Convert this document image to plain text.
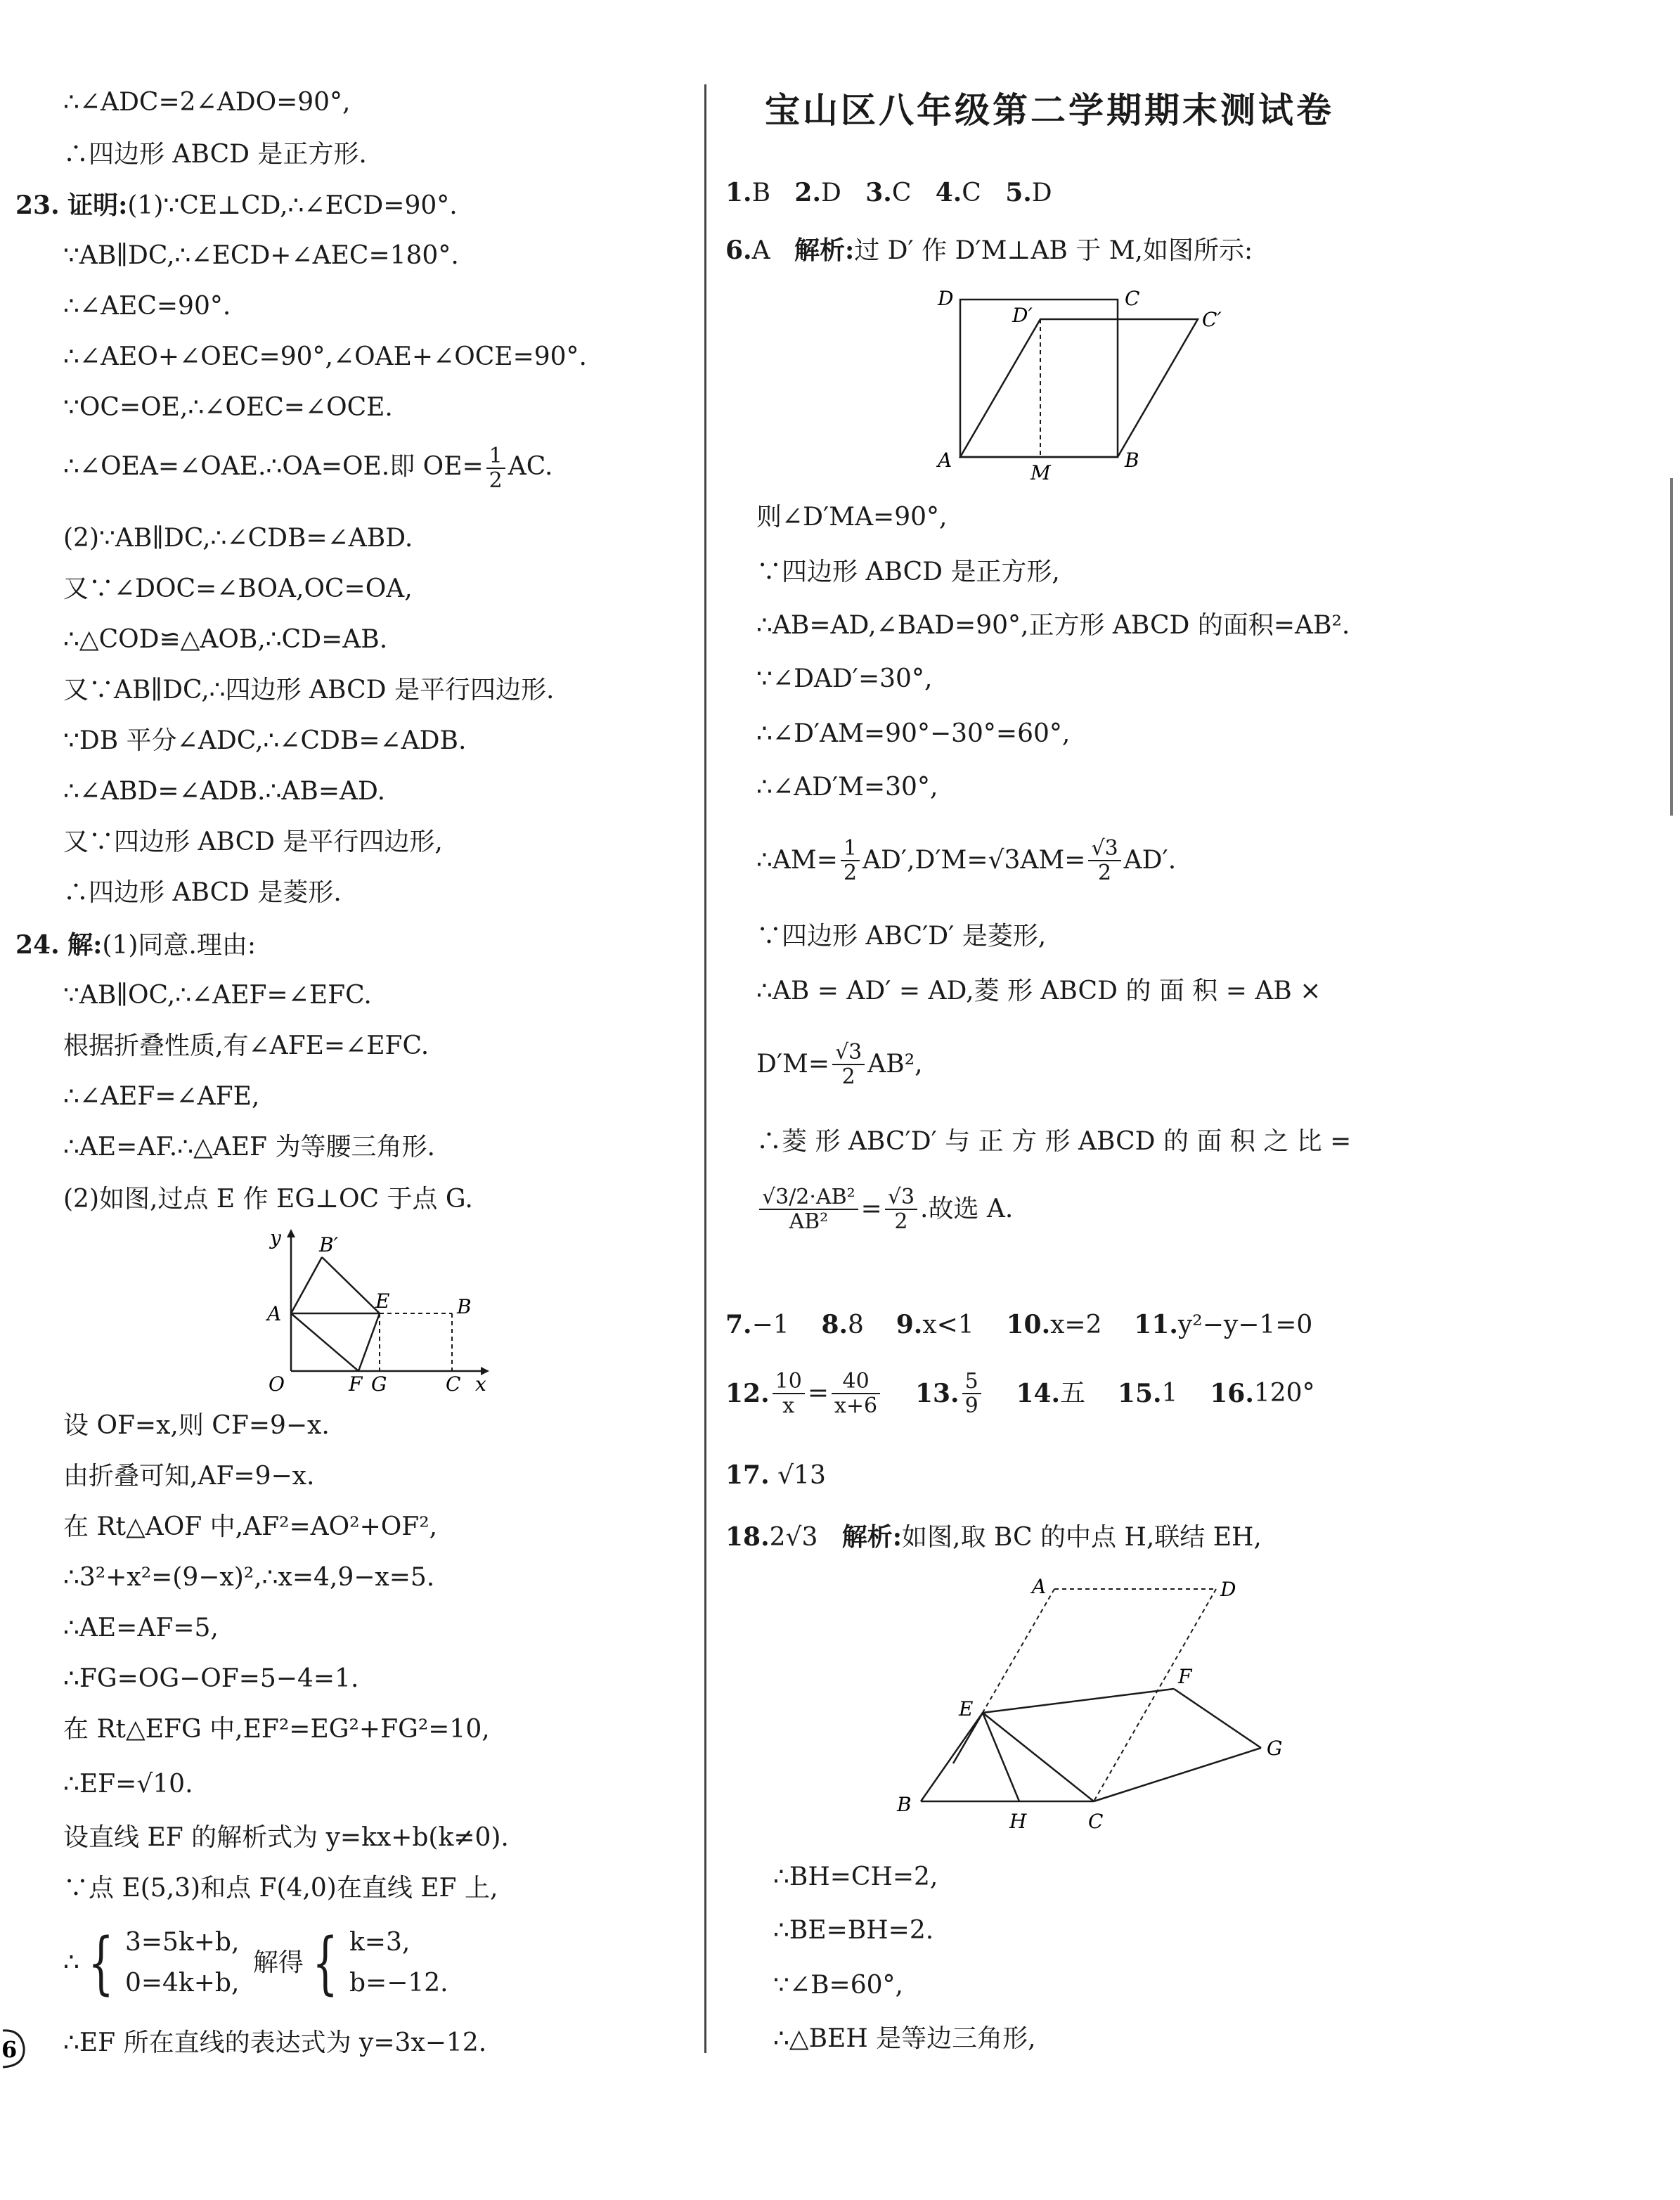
∴∠ADC=2∠ADO=90°,
∴四边形 ABCD 是正方形.
23. 证明:(1)∵CE⊥CD,∴∠ECD=90°.
∵AB∥DC,∴∠ECD+∠AEC=180°.
∴∠AEC=90°.
∴∠AEO+∠OEC=90°,∠OAE+∠OCE=90°.
∵OC=OE,∴∠OEC=∠OCE.
∴∠OEA=∠OAE.∴OA=OE.即 $OE= \frac{1}{2}$ AC.
(2)∵AB∥DC,∴∠CDB=∠ABD.
又∵∠DOC=∠BOA,OC=OA,
∴△COD≌△AOB,∴CD=AB.
又∵AB∥DC,∴四边形 ABCD 是平行四边形.
∵DB 平分∠ADC,∴∠CDB=∠ADB.
∴∠ABD=∠ADB.∴AB=AD.
又∵四边形 ABCD 是平行四边形,
∴四边形 ABCD 是菱形.
24. 解:(1)同意.理由:
∵AB∥OC,∴∠AEF=∠EFC.
根据折叠性质,有∠AFE=∠EFC.
∴∠AEF=∠AFE,
∴AE=AF.∴△AEF 为等腰三角形.
(2)如图,过点 E 作 EG⊥OC 于点 G.
y B′
A
E	B
O	F G	C x
设 OF=x,则 CF=9−x.
由折叠可知,AF=9−x.
在 Rt△AOF 中,AF²=AO²+OF²,
∴3²+x²=(9−x)²,∴x=4,9−x=5.
∴AE=AF=5,
∴FG=OG−OF=5−4=1.
在 Rt△EFG 中,EF²=EG²+FG²=10,
∴EF=√10.
设直线 EF 的解析式为 y=kx+b(k≠0).
∵点 E(5,3)和点 F(4,0)在直线 EF 上,
∴ { 3=5k+b,
0=4k+b,
解得 { k=3,
b=−12.
∴EF 所在直线的表达式为 y=3x−12.
宝山区八年级第二学期期末测试卷
1.B 2.D 3.C 4.C 5.D
6.A 解析:过 D′ 作 D′M⊥AB 于 M,如图所示:
D
D′
C
C′
A
M
B
则∠D′MA=90°,
∵四边形 ABCD 是正方形,
∴AB=AD,∠BAD=90°,正方形 ABCD 的面积=AB².
∵∠DAD′=30°,
∴∠D′AM=90°−30°=60°,
∴∠AD′M=30°,
∴AM= $\frac{1}{2} AD',D'M=√3AM= \frac{√3}{2} AD'$.
∵四边形 ABC′D′ 是菱形,
∴AB = AD′ = AD,菱 形 ABCD 的 面 积 = AB ×
$D'M= \frac{√3}{2} AB^2$,
∴菱 形 ABC′D′ 与 正 方 形 ABCD 的 面 积 之 比 =
$\frac{\text{√3/2·AB²}}{\text{AB²}} = \frac{√3}{2}$ .故选 A.
7.−1 8.8 9.x<1 10.x=2 11.y²−y−1=0
12. $\frac{10}{x} = \frac{40}{x+6} 13$. $\frac{5}{9} 14$.五 15.1 16.120°
17. √13
18.2√3 解析:如图,取 BC 的中点 H,联结 EH,
A	D
F
E
G
B
H	C
∴BH=CH=2,
∴BE=BH=2.
∵∠B=60°,
∴△BEH 是等边三角形,
6
